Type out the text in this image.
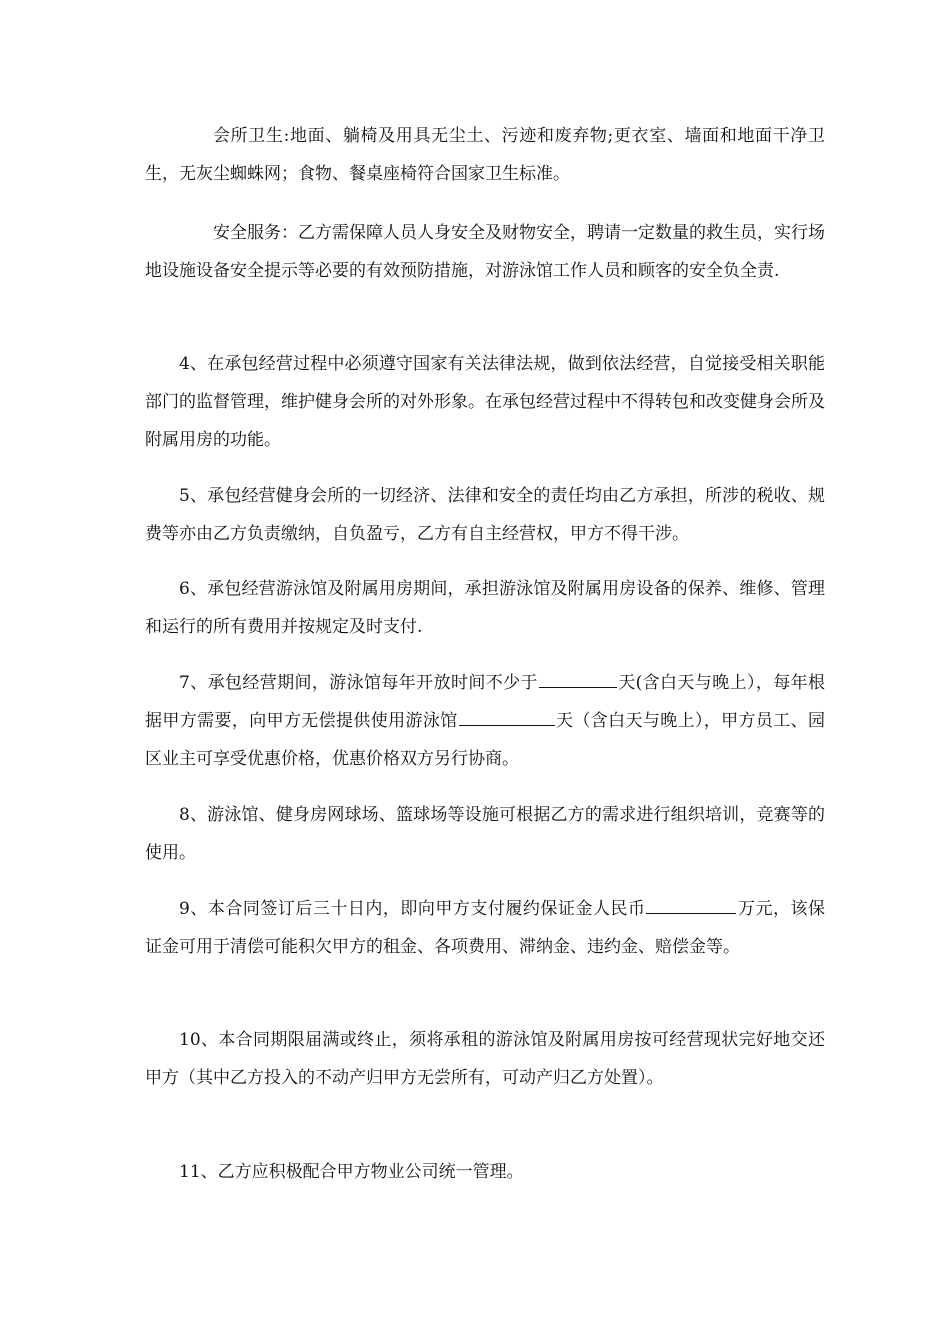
会所卫生:地面、躺椅及用具无尘土、污迹和废弃物;更衣室、墙面和地面干净卫生，无灰尘蜘蛛网；食物、餐桌座椅符合国家卫生标准。

安全服务：乙方需保障人员人身安全及财物安全，聘请一定数量的救生员，实行场地设施设备安全提示等必要的有效预防措施，对游泳馆工作人员和顾客的安全负全责.

4、在承包经营过程中必须遵守国家有关法律法规，做到依法经营，自觉接受相关职能部门的监督管理，维护健身会所的对外形象。在承包经营过程中不得转包和改变健身会所及附属用房的功能。

5、承包经营健身会所的一切经济、法律和安全的责任均由乙方承担，所涉的税收、规费等亦由乙方负责缴纳，自负盈亏，乙方有自主经营权，甲方不得干涉。

6、承包经营游泳馆及附属用房期间，承担游泳馆及附属用房设备的保养、维修、管理和运行的所有费用并按规定及时支付.

7、承包经营期间，游泳馆每年开放时间不少于	天(含白天与晚上），每年根据甲方需要，向甲方无偿提供使用游泳馆	天（含白天与晚上），甲方员工、园区业主可享受优惠价格，优惠价格双方另行协商。

8、游泳馆、健身房网球场、篮球场等设施可根据乙方的需求进行组织培训，竞赛等的使用。

9、本合同签订后三十日内，即向甲方支付履约保证金人民币	万元，该保证金可用于清偿可能积欠甲方的租金、各项费用、滞纳金、违约金、赔偿金等。

10、本合同期限届满或终止，须将承租的游泳馆及附属用房按可经营现状完好地交还甲方（其中乙方投入的不动产归甲方无尝所有，可动产归乙方处置）。

11、乙方应积极配合甲方物业公司统一管理。
